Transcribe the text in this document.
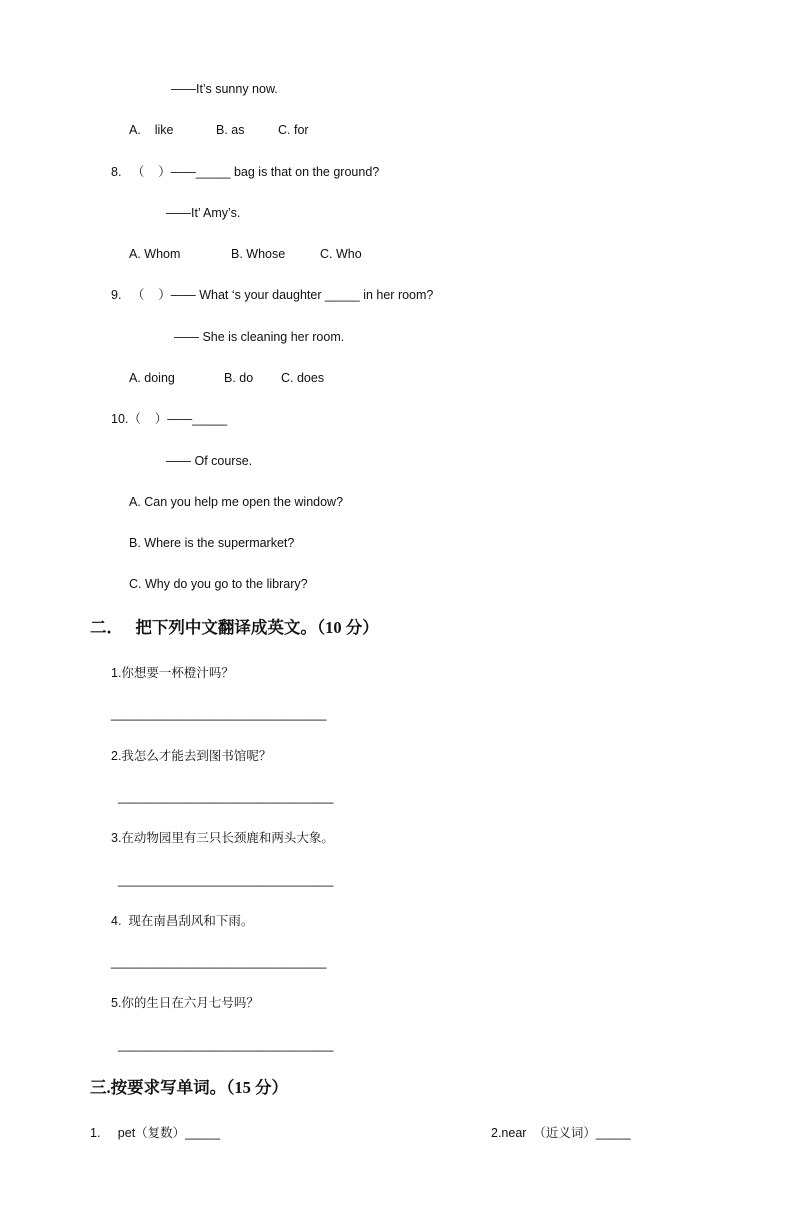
——It’s sunny now.
A.    like	B. as	C. for
8.   （    ）——_____ bag is that on the ground?
——It’ Amy’s.
A. Whom	B. Whose	C. Who
9.   （    ）—— What ‘s your daughter _____ in her room?
—— She is cleaning her room.
A. doing	B. do C. does
10.（    ）——_____
—— Of course.
A. Can you help me open the window?
B. Where is the supermarket?
C. Why do you go to the library?
二．   把下列中文翻译成英文。（10 分）
1.你想要一杯橙汁吗？
_______________________________
2.我怎么才能去到图书馆呢？
_______________________________
3.在动物园里有三只长颈鹿和两头大象。
_______________________________
4.  现在南昌刮风和下雨。
_______________________________
5.你的生日在六月七号吗？
_______________________________
三.按要求写单词。（15 分）
1.     pet（复数）_____	2.near  （近义词）_____
